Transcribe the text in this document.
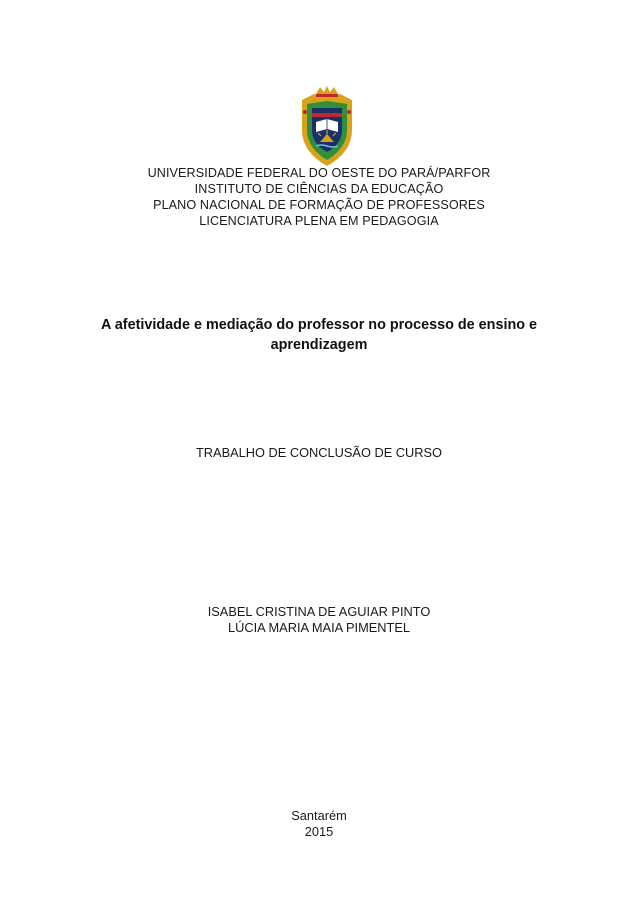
UNIVERSIDADE FEDERAL DO OESTE DO PARÁ/PARFOR
INSTITUTO DE CIÊNCIAS DA EDUCAÇÃO
PLANO NACIONAL DE FORMAÇÃO DE PROFESSORES
LICENCIATURA PLENA EM PEDAGOGIA
A afetividade e mediação do professor no processo de ensino e
aprendizagem
TRABALHO DE CONCLUSÃO DE CURSO
ISABEL CRISTINA DE AGUIAR PINTO
LÚCIA MARIA MAIA PIMENTEL
Santarém
2015
